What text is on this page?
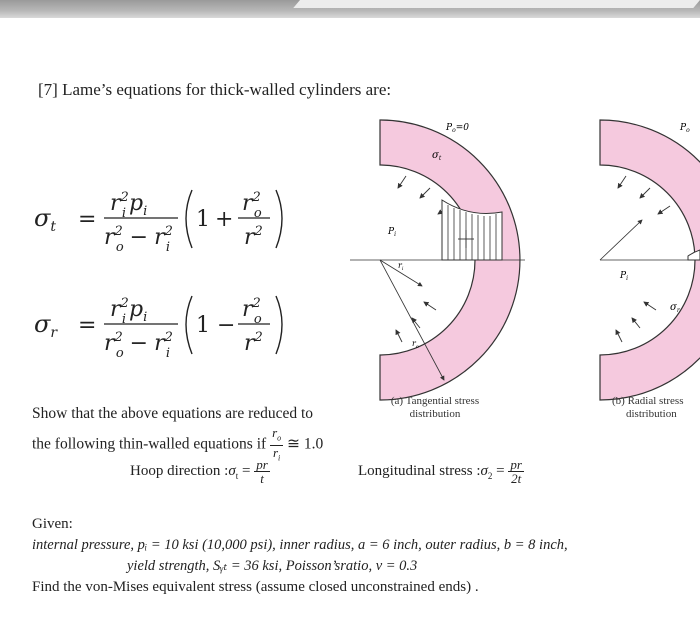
[7] Lame’s equations for thick-walled cylinders are:
$\sigma_t$ =
$r^2$ i $p_i$
$r^2$ $o - r^2$ i
1 +
$r^2$ o
$r^2$
$\sigma_r$ =
$r^2$ i $p_i$
$r^2$ $o - r^2$ i
1 −
$r^2$ o
$r^2$
$P_o=0$
$\sigma_t$
$P_i$
$r_i$
$r_o$
$P_o$
$P_i$
$\sigma_r$
(a) Tangential stress
distribution
(b) Radial stress
distribution
Show that the above equations are reduced to
the following thin-walled equations if $\frac{r_o}{r_i}$ ≅ 1.0
Hoop direction $:\sigma_t = \frac{pr}{t}$	Longitudinal stress $:\sigma_2 = \frac{pr}{2t}$
Given:
internal pressure, pᵢ = 10 ksi (10,000 psi), inner radius, a = 6 inch, outer radius, b = 8 inch,
yield strength, Sᵧₜ = 36 ksi, Poisson’sratio, v = 0.3
Find the von-Mises equivalent stress (assume closed unconstrained ends) .
